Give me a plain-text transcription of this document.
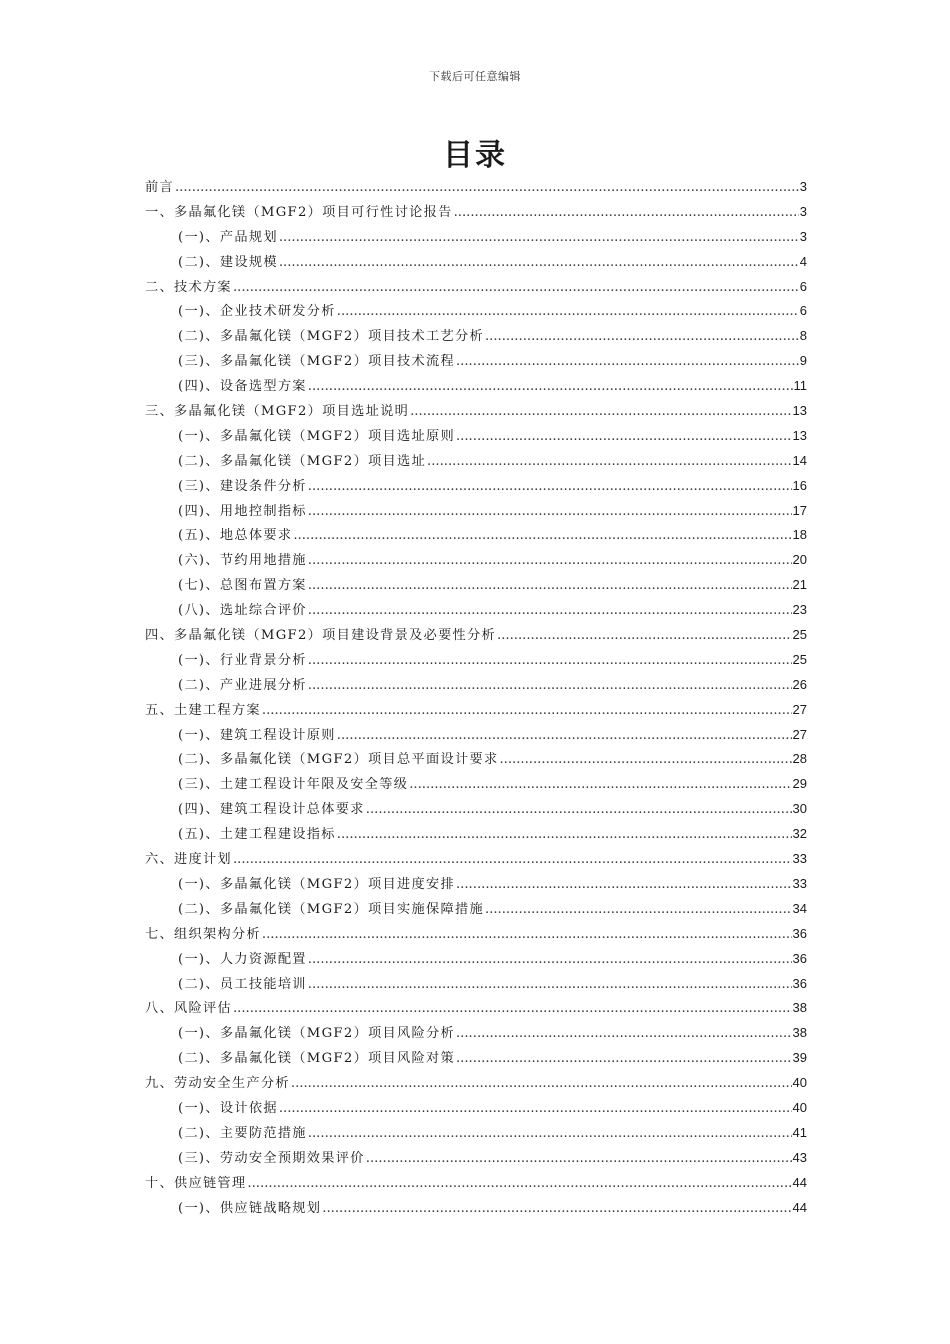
下载后可任意编辑
目录
前言 .....	3
一、多晶氟化镁（MGF2）项目可行性讨论报告 .....	3
(一)、产品规划 .....	3
(二)、建设规模 .....	4
二、技术方案 .....	6
(一)、企业技术研发分析 .....	6
(二)、多晶氟化镁（MGF2）项目技术工艺分析 .....	8
(三)、多晶氟化镁（MGF2）项目技术流程 .....	9
(四)、设备选型方案 .....	11
三、多晶氟化镁（MGF2）项目选址说明 .....	13
(一)、多晶氟化镁（MGF2）项目选址原则 .....	13
(二)、多晶氟化镁（MGF2）项目选址 .....	14
(三)、建设条件分析 .....	16
(四)、用地控制指标 .....	17
(五)、地总体要求 .....	18
(六)、节约用地措施 .....	20
(七)、总图布置方案 .....	21
(八)、选址综合评价 .....	23
四、多晶氟化镁（MGF2）项目建设背景及必要性分析 .....	25
(一)、行业背景分析 .....	25
(二)、产业进展分析 .....	26
五、土建工程方案 .....	27
(一)、建筑工程设计原则 .....	27
(二)、多晶氟化镁（MGF2）项目总平面设计要求 .....	28
(三)、土建工程设计年限及安全等级 .....	29
(四)、建筑工程设计总体要求 .....	30
(五)、土建工程建设指标 .....	32
六、进度计划 .....	33
(一)、多晶氟化镁（MGF2）项目进度安排 .....	33
(二)、多晶氟化镁（MGF2）项目实施保障措施 .....	34
七、组织架构分析 .....	36
(一)、人力资源配置 .....	36
(二)、员工技能培训 .....	36
八、风险评估 .....	38
(一)、多晶氟化镁（MGF2）项目风险分析 .....	38
(二)、多晶氟化镁（MGF2）项目风险对策 .....	39
九、劳动安全生产分析 .....	40
(一)、设计依据 .....	40
(二)、主要防范措施 .....	41
(三)、劳动安全预期效果评价 .....	43
十、供应链管理 .....	44
(一)、供应链战略规划 .....	44
